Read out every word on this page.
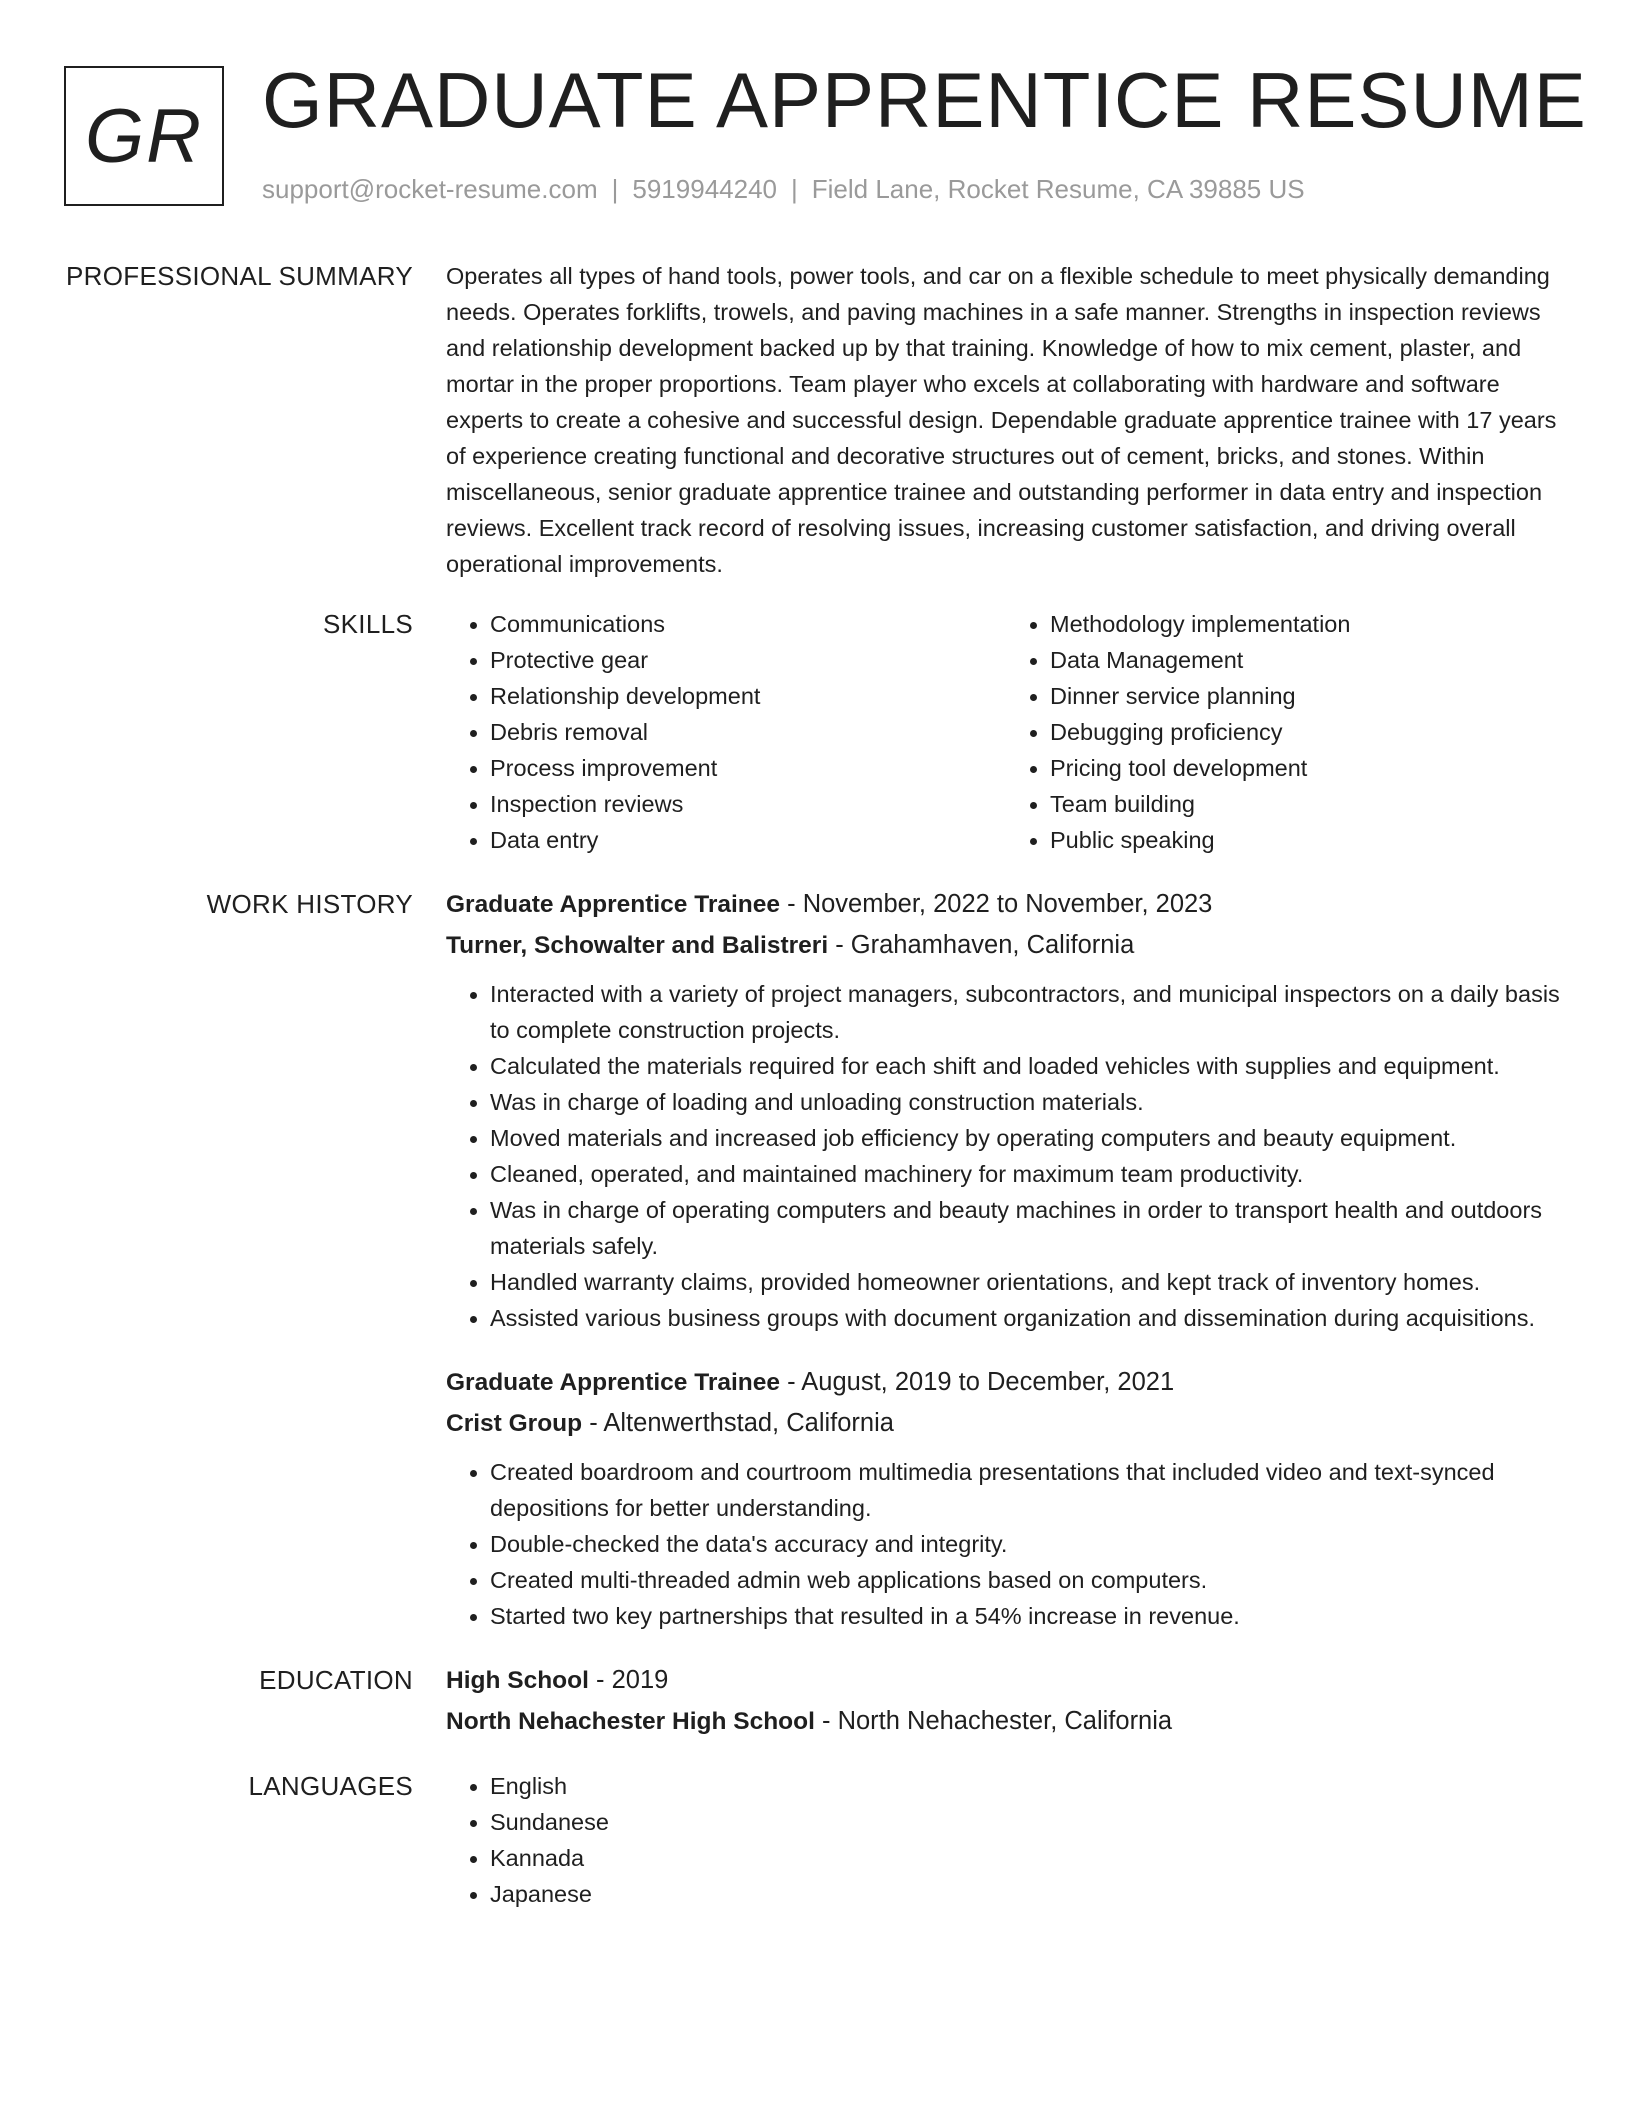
GR GRADUATE APPRENTICE RESUME
support@rocket-resume.com | 5919944240 | Field Lane, Rocket Resume, CA 39885 US
PROFESSIONAL SUMMARY Operates all types of hand tools, power tools, and car on a flexible schedule to meet physically demanding needs. Operates forklifts, trowels, and paving machines in a safe manner. Strengths in inspection reviews and relationship development backed up by that training. Knowledge of how to mix cement, plaster, and mortar in the proper proportions. Team player who excels at collaborating with hardware and software experts to create a cohesive and successful design. Dependable graduate apprentice trainee with 17 years of experience creating functional and decorative structures out of cement, bricks, and stones. Within miscellaneous, senior graduate apprentice trainee and outstanding performer in data entry and inspection reviews. Excellent track record of resolving issues, increasing customer satisfaction, and driving overall operational improvements.

SKILLS	• Communications
• Protective gear
• Relationship development
• Debris removal
• Process improvement
• Inspection reviews
• Data entry
• Methodology implementation
• Data Management
• Dinner service planning
• Debugging proficiency
• Pricing tool development
• Team building
• Public speaking
WORK HISTORY Graduate Apprentice Trainee - November, 2022 to November, 2023
Turner, Schowalter and Balistreri - Grahamhaven, California
• Interacted with a variety of project managers, subcontractors, and municipal inspectors on a daily basis to complete construction projects.
• Calculated the materials required for each shift and loaded vehicles with supplies and equipment.
• Was in charge of loading and unloading construction materials.
• Moved materials and increased job efficiency by operating computers and beauty equipment.
• Cleaned, operated, and maintained machinery for maximum team productivity.
• Was in charge of operating computers and beauty machines in order to transport health and outdoors materials safely.
• Handled warranty claims, provided homeowner orientations, and kept track of inventory homes.
• Assisted various business groups with document organization and dissemination during acquisitions.
Graduate Apprentice Trainee - August, 2019 to December, 2021
Crist Group - Altenwerthstad, California
• Created boardroom and courtroom multimedia presentations that included video and text-synced depositions for better understanding.
• Double-checked the data's accuracy and integrity.
• Created multi-threaded admin web applications based on computers.
• Started two key partnerships that resulted in a 54% increase in revenue.
EDUCATION High School - 2019
North Nehachester High School - North Nehachester, California
LANGUAGES	• English
• Sundanese
• Kannada
• Japanese
